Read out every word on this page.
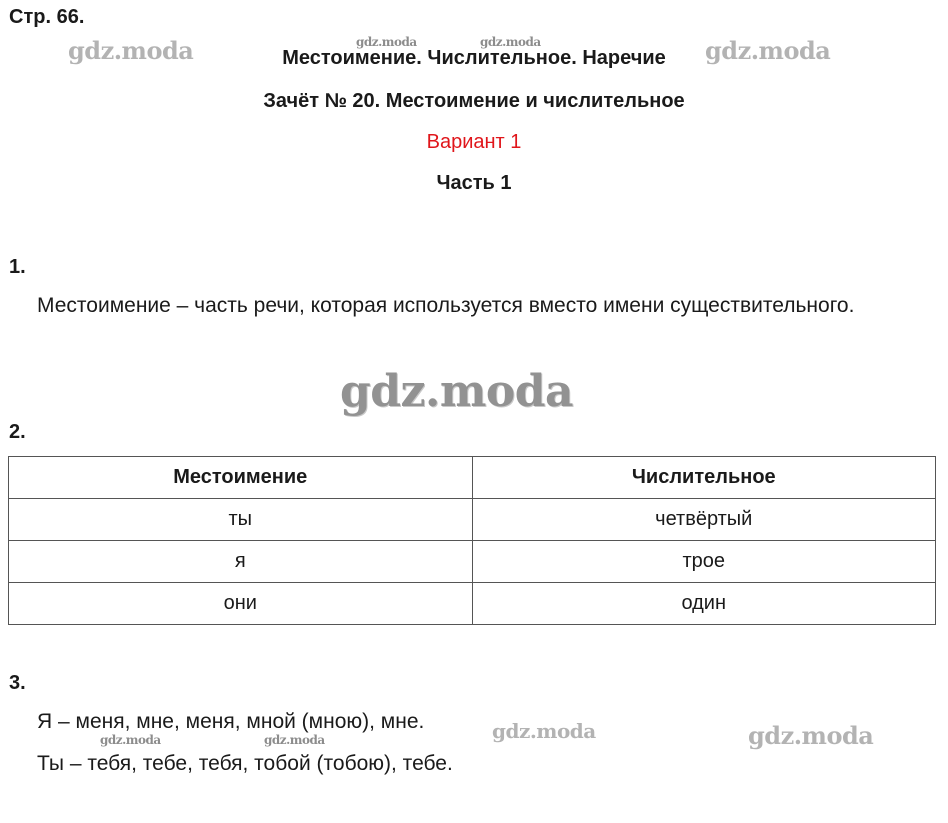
Стр. 66.
Местоимение. Числительное. Наречие
Зачёт № 20. Местоимение и числительное
Вариант 1
Часть 1
1.
Местоимение – часть речи, которая используется вместо имени существительного.
2.
Местоимение	Числительное
ты	четвёртый
я	трое
они	один
3.
Я – меня, мне, меня, мной (мною), мне.
Ты – тебя, тебе, тебя, тобой (тобою), тебе.
gdz.moda	gdz.moda	gdz.moda	gdz.moda
gdz.moda
gdz.moda	gdz.moda	gdz.moda	gdz.moda
